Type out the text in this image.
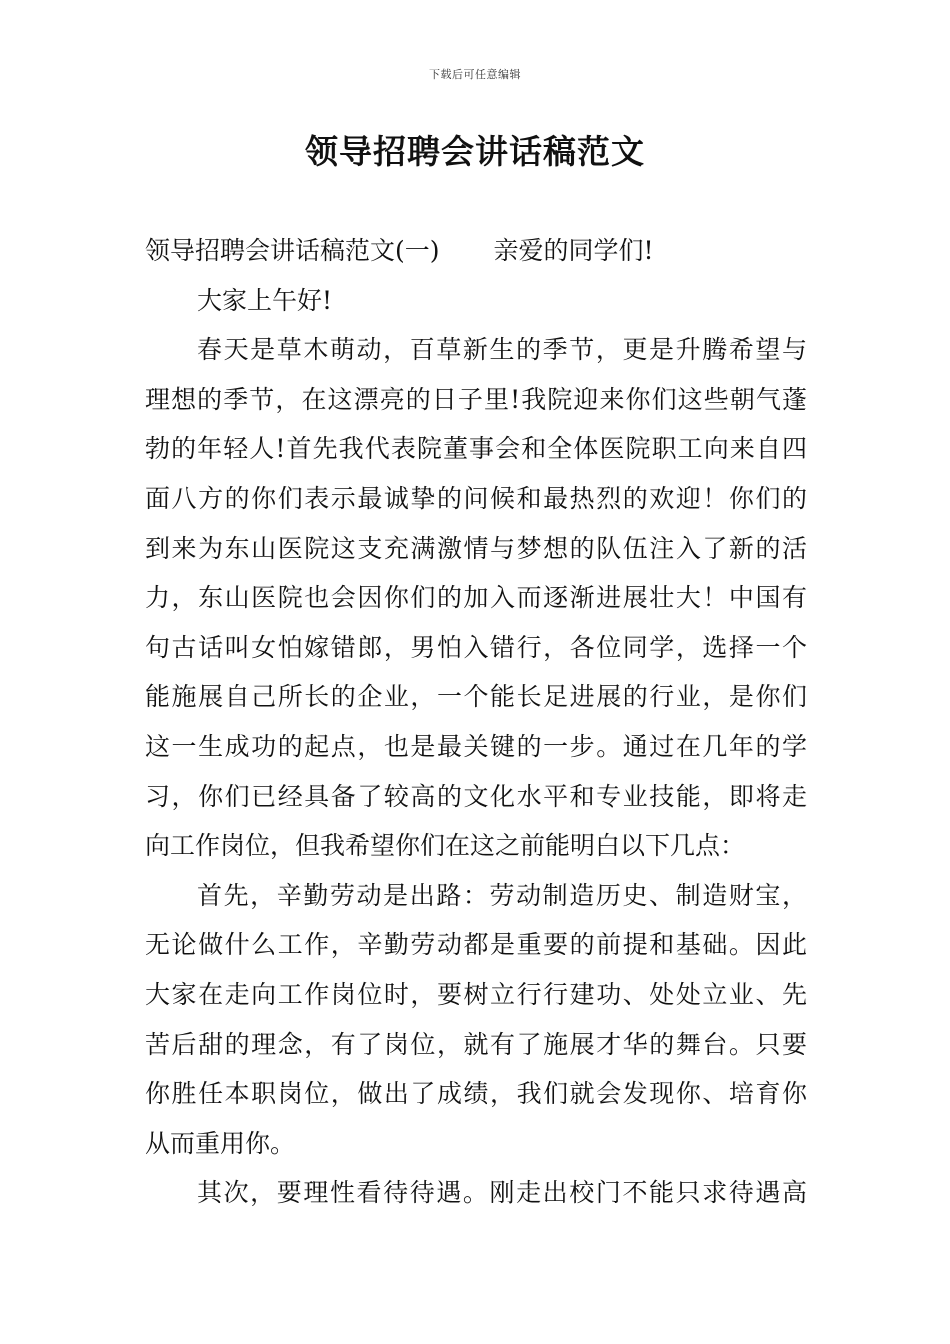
下载后可任意编辑
领导招聘会讲话稿范文
领导招聘会讲话稿范文(一) 亲爱的同学们!
大家上午好!
春天是草木萌动，百草新生的季节，更是升腾希望与
理想的季节，在这漂亮的日子里!我院迎来你们这些朝气蓬
勃的年轻人!首先我代表院董事会和全体医院职工向来自四
面八方的你们表示最诚挚的问候和最热烈的欢迎！你们的
到来为东山医院这支充满激情与梦想的队伍注入了新的活
力，东山医院也会因你们的加入而逐渐进展壮大！中国有
句古话叫女怕嫁错郎，男怕入错行，各位同学，选择一个
能施展自己所长的企业，一个能长足进展的行业，是你们
这一生成功的起点，也是最关键的一步。通过在几年的学
习，你们已经具备了较高的文化水平和专业技能，即将走
向工作岗位，但我希望你们在这之前能明白以下几点：
首先，辛勤劳动是出路：劳动制造历史、制造财宝，
无论做什么工作，辛勤劳动都是重要的前提和基础。因此
大家在走向工作岗位时，要树立行行建功、处处立业、先
苦后甜的理念，有了岗位，就有了施展才华的舞台。只要
你胜任本职岗位，做出了成绩，我们就会发现你、培育你
从而重用你。
其次，要理性看待待遇。刚走出校门不能只求待遇高
